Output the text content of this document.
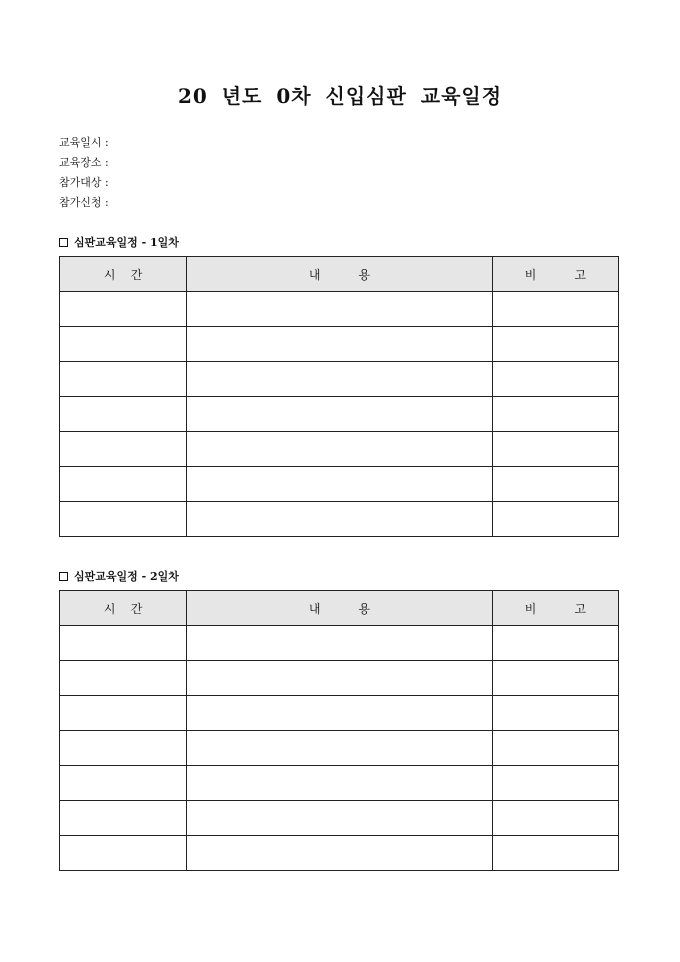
20 년도 0차 신입심판 교육일정
교육일시 :
교육장소 :
참가대상 :
참가신청 :
심판교육일정 - 1일차
시    간	내          용	비          고

심판교육일정 - 2일차
시    간	내          용	비          고
